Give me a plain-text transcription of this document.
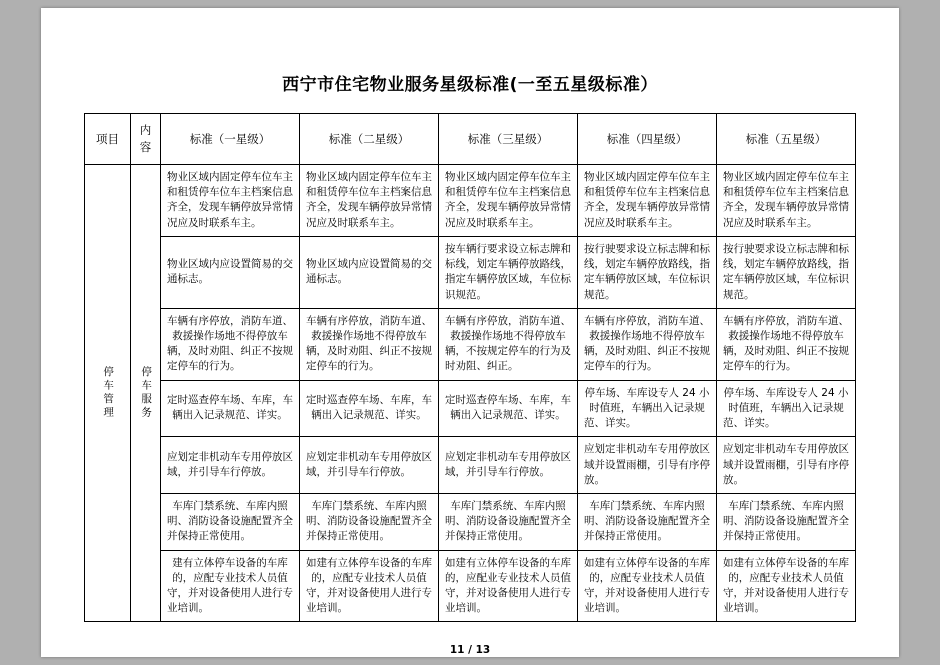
西宁市住宅物业服务星级标准(一至五星级标准）
项目	内容	标准（一星级）	标准（二星级）	标准（三星级）	标准（四星级）	标准（五星级）
停车管理	停车服务	物业区域内固定停车位车主和租赁停车位车主档案信息齐全，发现车辆停放异常情况应及时联系车主。	物业区域内固定停车位车主和租赁停车位车主档案信息齐全，发现车辆停放异常情况应及时联系车主。	物业区域内固定停车位车主和租赁停车位车主档案信息齐全，发现车辆停放异常情况应及时联系车主。	物业区域内固定停车位车主和租赁停车位车主档案信息齐全，发现车辆停放异常情况应及时联系车主。	物业区域内固定停车位车主和租赁停车位车主档案信息齐全，发现车辆停放异常情况应及时联系车主。
		物业区域内应设置简易的交通标志。	物业区域内应设置简易的交通标志。	按车辆行要求设立标志牌和标线，划定车辆停放路线，指定车辆停放区域，车位标识规范。	按行驶要求设立标志牌和标线，划定车辆停放路线，指定车辆停放区域，车位标识规范。	按行驶要求设立标志牌和标线，划定车辆停放路线，指定车辆停放区域，车位标识规范。
		车辆有序停放，消防车道、救援操作场地不得停放车辆，及时劝阻、纠正不按规定停车的行为。	车辆有序停放，消防车道、救援操作场地不得停放车辆，及时劝阻、纠正不按规定停车的行为。	车辆有序停放，消防车道、救援操作场地不得停放车辆，不按规定停车的行为及时劝阻、纠正。	车辆有序停放，消防车道、救援操作场地不得停放车辆，及时劝阻、纠正不按规定停车的行为。	车辆有序停放，消防车道、救援操作场地不得停放车辆，及时劝阻、纠正不按规定停车的行为。
		定时巡查停车场、车库，车辆出入记录规范、详实。	定时巡查停车场、车库，车辆出入记录规范、详实。	定时巡查停车场、车库，车辆出入记录规范、详实。	停车场、车库设专人 24 小时值班，车辆出入记录规范、详实。	停车场、车库设专人 24 小时值班，车辆出入记录规范、详实。
		应划定非机动车专用停放区域，并引导车行停放。	应划定非机动车专用停放区域，并引导车行停放。	应划定非机动车专用停放区域，并引导车行停放。	应划定非机动车专用停放区域并设置雨棚，引导有序停放。	应划定非机动车专用停放区域并设置雨棚，引导有序停放。
		车库门禁系统、车库内照明、消防设备设施配置齐全并保持正常使用。	车库门禁系统、车库内照明、消防设备设施配置齐全并保持正常使用。	车库门禁系统、车库内照明、消防设备设施配置齐全并保持正常使用。	车库门禁系统、车库内照明、消防设备设施配置齐全并保持正常使用。	车库门禁系统、车库内照明、消防设备设施配置齐全并保持正常使用。
		建有立体停车设备的车库的，应配专业技术人员值守，并对设备使用人进行专业培训。	如建有立体停车设备的车库的，应配专业技术人员值守，并对设备使用人进行专业培训。	如建有立体停车设备的车库的，应配业专业技术人员值守，并对设备使用人进行专业培训。	如建有立体停车设备的车库的，应配专业技术人员值守，并对设备使用人进行专业培训。	如建有立体停车设备的车库的，应配专业技术人员值守，并对设备使用人进行专业培训。
11 / 13
